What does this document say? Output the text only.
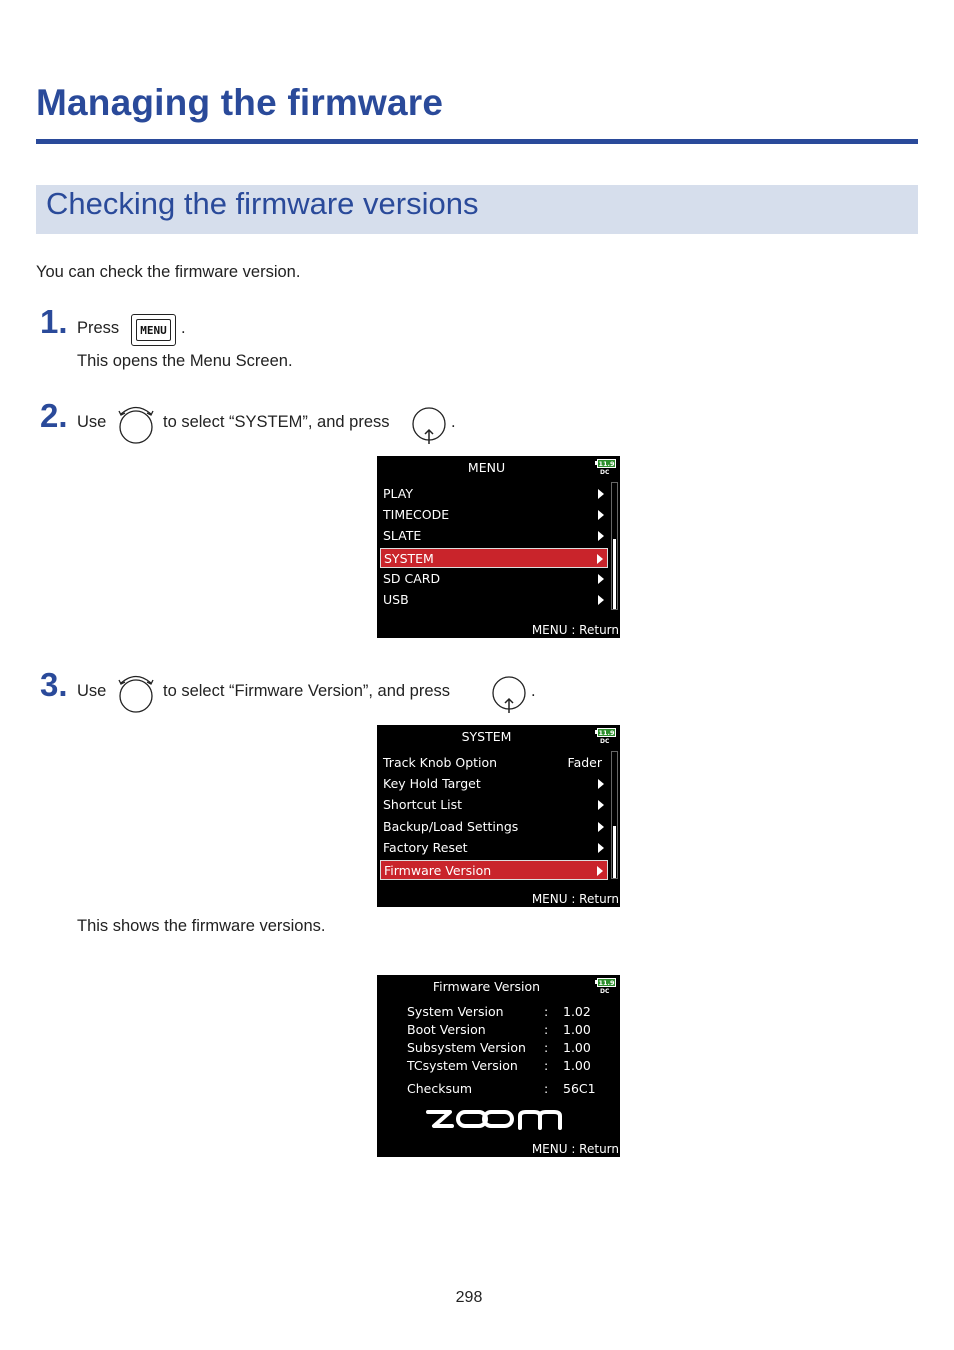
Managing the firmware
Checking the firmware versions
You can check the firmware version.
1. Press	MENU .
This opens the Menu Screen.
2. Use	to select “SYSTEM”, and press	.
MENU	11.9
DC
PLAY
TIMECODE
SLATE
SYSTEM
SD CARD
USB
MENU : Return
3. Use	to select “Firmware Version”, and press	.
SYSTEM	11.9
DC
Track Knob Option	Fader
Key Hold Target
Shortcut List
Backup/Load Settings
Factory Reset
Firmware Version
MENU : Return
This shows the firmware versions.
Firmware Version	11.9
DC
System Version	: 1.02
Boot Version	: 1.00
Subsystem Version : 1.00
TCsystem Version : 1.00
Checksum	: 56C1
MENU : Return
298
